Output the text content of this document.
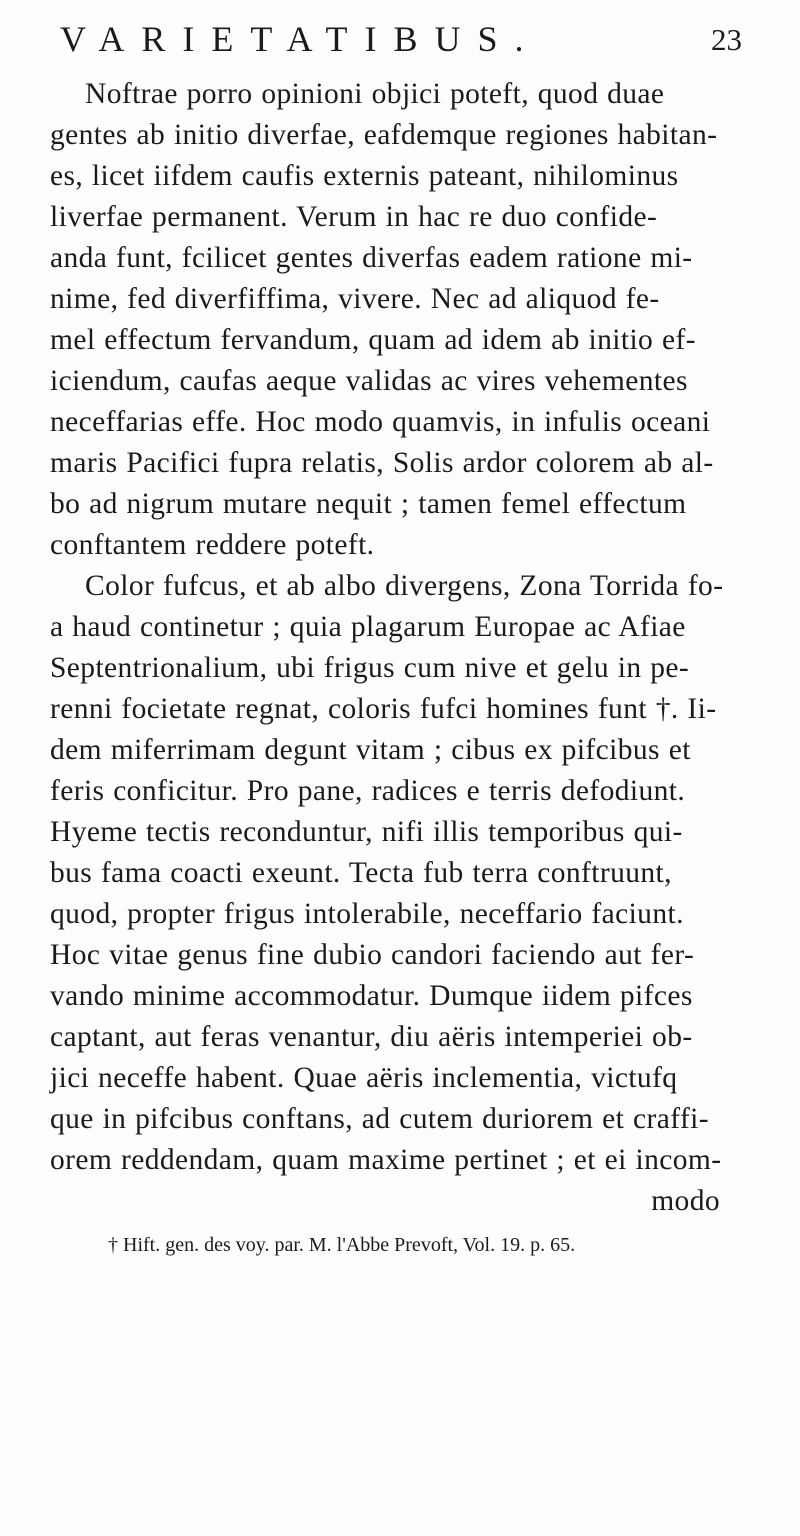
VARIETATIBUS.	23
Noftrae porro opinioni objici poteft, quod duae
gentes ab initio diverfae, eafdemque regiones habitan-
es, licet iifdem caufis externis pateant, nihilominus
liverfae permanent. Verum in hac re duo confide-
anda funt, fcilicet gentes diverfas eadem ratione mi-
nime, fed diverfiffima, vivere. Nec ad aliquod fe-
mel effectum fervandum, quam ad idem ab initio ef-
iciendum, caufas aeque validas ac vires vehementes
neceffarias effe. Hoc modo quamvis, in infulis oceani
maris Pacifici fupra relatis, Solis ardor colorem ab al-
bo ad nigrum mutare nequit ; tamen femel effectum
conftantem reddere poteft.
Color fufcus, et ab albo divergens, Zona Torrida fo-
a haud continetur ; quia plagarum Europae ac Afiae
Septentrionalium, ubi frigus cum nive et gelu in pe-
renni focietate regnat, coloris fufci homines funt †. Ii-
dem miferrimam degunt vitam ; cibus ex pifcibus et
feris conficitur. Pro pane, radices e terris defodiunt.
Hyeme tectis reconduntur, nifi illis temporibus qui-
bus fama coacti exeunt. Tecta fub terra conftruunt,
quod, propter frigus intolerabile, neceffario faciunt.
Hoc vitae genus fine dubio candori faciendo aut fer-
vando minime accommodatur. Dumque iidem pifces
captant, aut feras venantur, diu aëris intemperiei ob-
jici neceffe habent. Quae aëris inclementia, victufq
que in pifcibus conftans, ad cutem duriorem et craffi-
orem reddendam, quam maxime pertinet ; et ei incom-
modo
† Hift. gen. des voy. par. M. l'Abbe Prevoft, Vol. 19. p. 65.
